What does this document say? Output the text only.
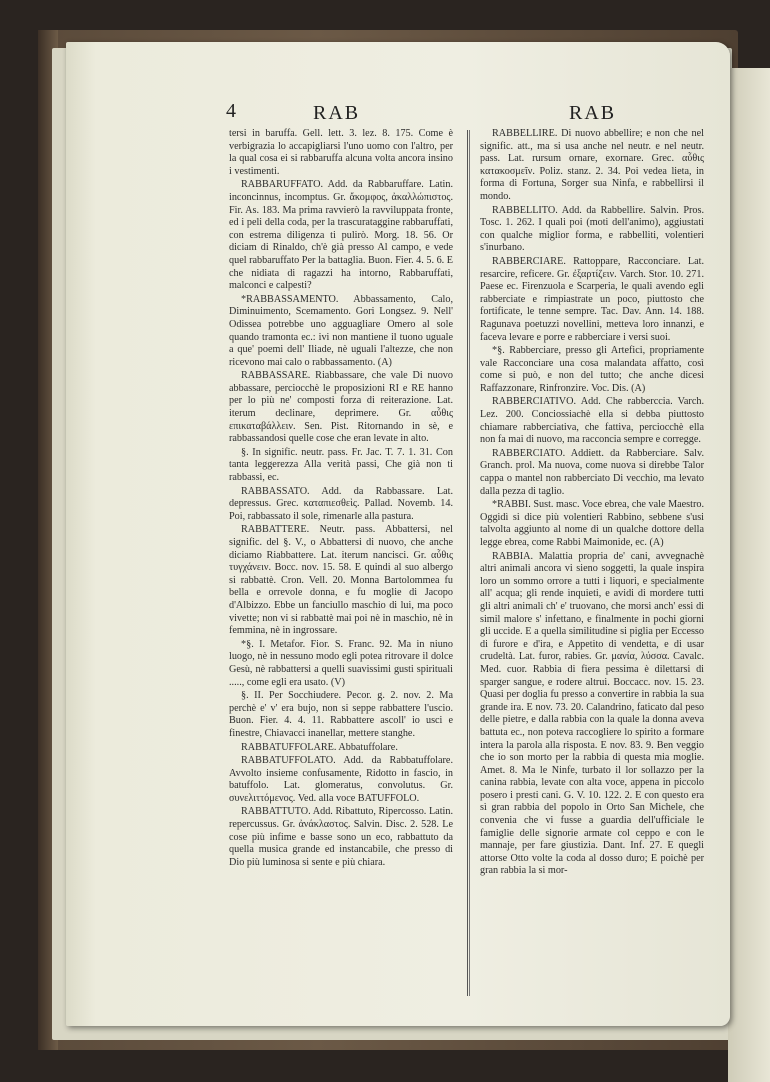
4	RAB	RAB

tersi in baruffa. Gell. lett. 3. lez. 8. 175. Come è verbigrazia lo accapigliarsi l'uno uomo con l'altro, per la qual cosa ei si rabbaruffa alcuna volta ancora insino i vestimenti.

RABBARUFFATO. Add. da Rabbaruffare. Latin. inconcinnus, incomptus. Gr. ἄκομφος, ἀκαλλώπιστος. Fir. As. 183. Ma prima ravvierò la ravviluppata fronte, ed i peli della coda, per la trascurataggine rabbaruffati, con estrema diligenza ti pulirò. Morg. 18. 56. Or diciam di Rinaldo, ch'è già presso Al campo, e vede quel rabbaruffato Per la battaglia. Buon. Fier. 4. 5. 6. E che nidiata di ragazzi ha intorno, Rabbaruffati, malconci e calpesti?

*RABBASSAMENTO. Abbassamento, Calo, Diminuimento, Scemamento. Gori Longsez. 9. Nell' Odissea potrebbe uno agguagliare Omero al sole quando tramonta ec.: ivi non mantiene il tuono uguale a que' poemi dell' Iliade, nè uguali l'altezze, che non ricevono mai calo o rabbassamento. (A)

RABBASSARE. Riabbassare, che vale Di nuovo abbassare, perciocchè le proposizioni RI e RE hanno per lo più ne' composti forza di reiterazione. Lat. iterum declinare, deprimere. Gr. αὖθις επικαταβάλλειν. Sen. Pist. Ritornando in sè, e rabbassandosi quelle cose che eran levate in alto.

§. In signific. neutr. pass. Fr. Jac. T. 7. 1. 31. Con tanta leggerezza Alla verità passi, Che già non ti rabbassi, ec.

RABBASSATO. Add. da Rabbassare. Lat. depressus. Grec. καταπιεσθεὶς. Pallad. Novemb. 14. Poi, rabbassato il sole, rimenarle alla pastura.

RABBATTERE. Neutr. pass. Abbattersi, nel signific. del §. V., o Abbattersi di nuovo, che anche diciamo Riabbattere. Lat. iterum nancisci. Gr. αὖθις τυγχάνειν. Bocc. nov. 15. 58. E quindi al suo albergo si rabbattè. Cron. Vell. 20. Monna Bartolommea fu bella e orrevole donna, e fu moglie di Jacopo d'Albizzo. Ebbe un fanciullo maschio di lui, ma poco vivette; non vi si rabbattè mai poi nè in maschio, nè in femmina, nè in ingrossare.

*§. I. Metafor. Fior. S. Franc. 92. Ma in niuno luogo, nè in nessuno modo egli potea ritrovare il dolce Gesù, nè rabbattersi a quelli suavissimi gusti spirituali ....., come egli era usato. (V)

§. II. Per Socchiudere. Pecor. g. 2. nov. 2. Ma perchè e' v' era bujo, non si seppe rabbattere l'uscio. Buon. Fier. 4. 4. 11. Rabbattere ascoll' io usci e finestre, Chiavacci inanellar, mettere stanghe.

RABBATUFFOLARE. Abbatuffolare.

RABBATUFFOLATO. Add. da Rabbatuffolare. Avvolto insieme confusamente, Ridotto in fascio, in batuffolo. Lat. glomeratus, convolutus. Gr. συνελιττόμενος. Ved. alla voce BATUFFOLO.

RABBATTUTO. Add. Ribattuto, Ripercosso. Latin. repercussus. Gr. ἀνάκλαστος. Salvin. Disc. 2. 528. Le cose più infime e basse sono un eco, rabbattuto da quella musica grande ed instancabile, che presso di Dio più luminosa si sente e più chiara.

RABBELLIRE. Di nuovo abbellire; e non che nel signific. att., ma si usa anche nel neutr. e nel neutr. pass. Lat. rursum ornare, exornare. Grec. αὖθις κατακοσμεῖν. Poliz. stanz. 2. 34. Poi vedea lieta, in forma di Fortuna, Sorger sua Ninfa, e rabbellirsi il mondo.

RABBELLITO. Add. da Rabbellire. Salvin. Pros. Tosc. 1. 262. I quali poi (moti dell'animo), aggiustati con qualche miglior forma, e rabbelliti, volentieri s'inurbano.

RABBERCIARE. Rattoppare, Racconciare. Lat. resarcire, reficere. Gr. ἐξαρτίζειν. Varch. Stor. 10. 271. Paese ec. Firenzuola e Scarperia, le quali avendo egli rabberciate e rimpiastrate un poco, piuttosto che fortificate, le tenne sempre. Tac. Dav. Ann. 14. 188. Ragunava poetuzzi novellini, metteva loro innanzi, e faceva levare e porre e rabberciare i versi suoi.

*§. Rabberciare, presso gli Artefici, propriamente vale Racconciare una cosa malandata affatto, così come si può, e non del tutto; che anche dicesi Raffazzonare, Rinfronzire. Voc. Dis. (A)

RABBERCIATIVO. Add. Che rabberccia. Varch. Lez. 200. Conciossiachè ella si debba piuttosto chiamare rabberciativa, che fattiva, perciocchè ella non fa mai di nuovo, ma racconcia sempre e corregge.

RABBERCIATO. Addiett. da Rabberciare. Salv. Granch. prol. Ma nuova, come nuova si direbbe Talor cappa o mantel non rabberciato Di vecchio, ma levato dalla pezza di taglio.

*RABBI. Sust. masc. Voce ebrea, che vale Maestro. Oggidì si dice più volentieri Rabbino, sebbene s'usi talvolta aggiunto al nome di un qualche dottore della legge ebrea, come Rabbi Maimonide, ec. (A)

RABBIA. Malattia propria de' cani, avvegnachè altri animali ancora vi sieno soggetti, la quale inspira loro un sommo orrore a tutti i liquori, e specialmente all' acqua; gli rende inquieti, e avidi di mordere tutti gli altri animali ch' e' truovano, che morsi anch' essi di simil malore s' infettano, e finalmente in pochi giorni gli uccide. E a quella similitudine si piglia per Eccesso di furore e d'ira, e Appetito di vendetta, e di usar crudeltà. Lat. furor, rabies. Gr. μανία, λύσσα. Cavalc. Med. cuor. Rabbia di fiera pessima è dilettarsi di sparger sangue, e rodere altrui. Boccacc. nov. 15. 23. Quasi per doglia fu presso a convertire in rabbia la sua grande ira. E nov. 73. 20. Calandrino, faticato dal peso delle pietre, e dalla rabbia con la quale la donna aveva battuta ec., non poteva raccogliere lo spirito a formare intera la parola alla risposta. E nov. 83. 9. Ben veggio che io son morto per la rabbia di questa mia moglie. Amet. 8. Ma le Ninfe, turbato il lor sollazzo per la canina rabbia, levate con alta voce, appena in piccolo posero i presti cani. G. V. 10. 122. 2. E con questo era sì gran rabbia del popolo in Orto San Michele, che convenia che vi fusse a guardia dell'ufficiale le famiglie delle signorie armate col ceppo e con le mannaje, per fare giustizia. Dant. Inf. 27. E quegli attorse Otto volte la coda al dosso duro; E poichè per gran rabbia la si mor-
